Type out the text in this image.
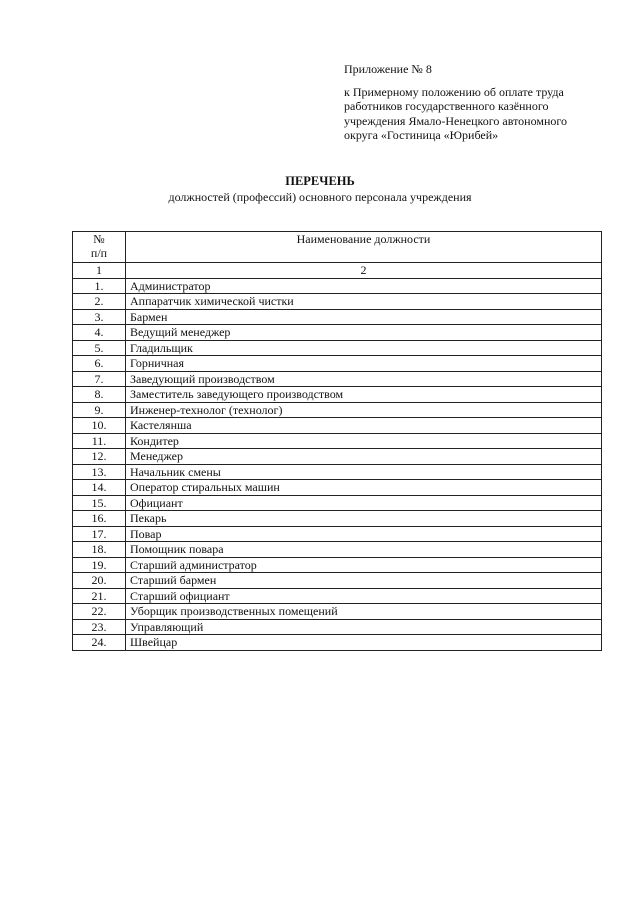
Приложение № 8
к Примерному положению об оплате труда
работников государственного казённого
учреждения Ямало-Ненецкого автономного
округа «Гостиница «Юрибей»
ПЕРЕЧЕНЬ
должностей (профессий) основного персонала учреждения
№
п/п	Наименование должности
1	2
1.	Администратор
2.	Аппаратчик химической чистки
3.	Бармен
4.	Ведущий менеджер
5.	Гладильщик
6.	Горничная
7.	Заведующий производством
8.	Заместитель заведующего производством
9.	Инженер-технолог (технолог)
10.	Кастелянша
11.	Кондитер
12.	Менеджер
13.	Начальник смены
14.	Оператор стиральных машин
15.	Официант
16.	Пекарь
17.	Повар
18.	Помощник повара
19.	Старший администратор
20.	Старший бармен
21.	Старший официант
22.	Уборщик производственных помещений
23.	Управляющий
24.	Швейцар
